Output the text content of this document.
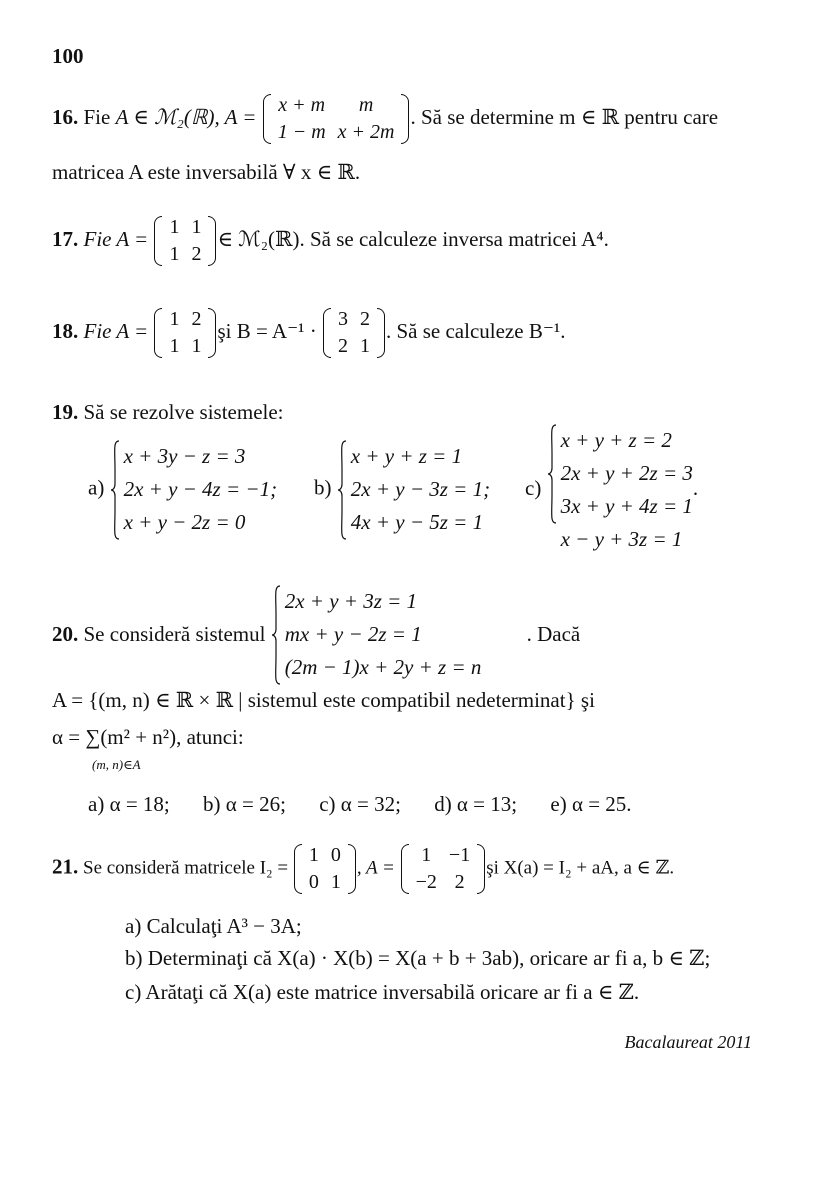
100
16. Fie A ∈ ℳ₂(ℝ), A = x + m	m
1 − m	x + 2m
. Să se determine m ∈ ℝ pentru care
matricea A este inversabilă ∀ x ∈ ℝ.
17. Fie A = 1	1
1	2
∈ ℳ₂(ℝ). Să se calculeze inversa matricei A⁴.
18. Fie A = 1	2
1	1
şi B = A⁻¹ · 3	2
2	1
. Să se calculeze B⁻¹.
19. Să se rezolve sistemele:
a)
x + 3y − z = 3
2x + y − 4z = −1;
x + y − 2z = 0
b)
x + y + z = 1
2x + y − 3z = 1;
4x + y − 5z = 1
c)
x + y + z = 2
2x + y + 2z = 3
3x + y + 4z = 1
x − y + 3z = 1
.
20. Se consideră sistemul
2x + y + 3z = 1
mx + y − 2z = 1
(2m − 1)x + 2y + z = n
. Dacă
A = {(m, n) ∈ ℝ × ℝ | sistemul este compatibil nedeterminat} şi
α = ∑(m² + n²), atunci:
(m, n)∈A
a) α = 18; b) α = 26; c) α = 32; d) α = 13; e) α = 25.
21. Se consideră matricele I₂ =
1	0
0	1
, A =
1	−1
−2	2
şi X(a) = I₂ + aA, a ∈ ℤ.
a) Calculaţi A³ − 3A;
b) Determinaţi că X(a) · X(b) = X(a + b + 3ab), oricare ar fi a, b ∈ ℤ;
c) Arătaţi că X(a) este matrice inversabilă oricare ar fi a ∈ ℤ.
Bacalaureat 2011
